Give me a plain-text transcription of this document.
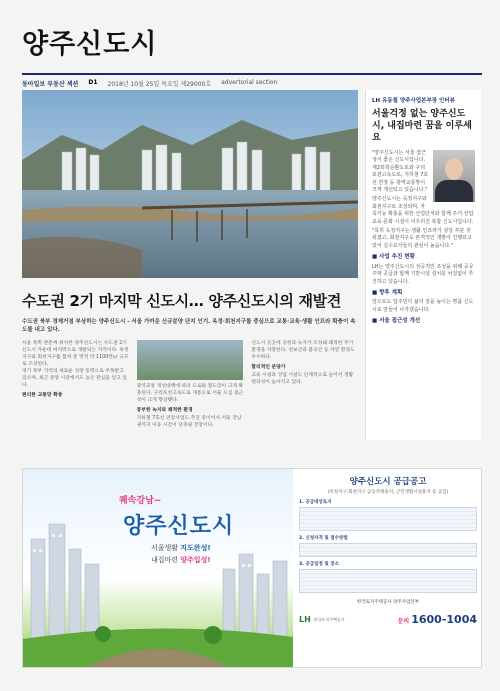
양주신도시
동아일보 부동산 섹션 D1 2018년 10월 25일 목요일 제29000호 advertorial section
LH 유동철 양주사업본부장 인터뷰
서울걱정 없는 양주신도시, 내집마련 꿈을 이루세요

"양주신도시는 서울 접근성이 좋은 신도시입니다. 제2외곽순환도로와 구리포천고속도로, 지하철 7호선 연장 등 광역교통망이 크게 개선되고 있습니다."

양주신도시는 옥정지구와 회천지구로 조성되며, 자족기능 확충을 위한 산업단지와 함께 주거·상업·교육·문화 시설이 어우러진 복합 신도시입니다.

"특히 옥정지구는 생활 인프라가 상당 부분 갖춰졌고, 회천지구도 본격적인 개발이 진행되고 있어 실수요자들의 관심이 높습니다."

■ 사업 추진 현황

LH는 양주신도시의 성공적인 조성을 위해 공공주택 공급과 함께 기반시설 설치를 차질없이 추진하고 있습니다.

■ 향후 계획

앞으로도 입주민의 삶의 질을 높이는 명품 신도시로 만들어 나가겠습니다.

■ 서울 접근성 개선
수도권 2기 마지막 신도시… 양주신도시의 재발견
수도권 북부 경제거점 부상하는 양주신도시 - 서울 가까운 신규분양 단지 인기. 옥정·회천지구를 중심으로 교통·교육·생활 인프라 확충이 속도를 내고 있다.

서울 북쪽 관문에 위치한 양주신도시는 수도권 2기 신도시 가운데 마지막으로 개발되는 지역이다. 옥정지구와 회천지구를 합쳐 총 면적 약 1100만㎡ 규모로 조성된다.

경기 북부 지역의 새로운 성장 동력으로 주목받고 있으며, 최근 분양 시장에서도 높은 관심을 얻고 있다.

편리한 교통망 확충

광역교통 개선대책에 따라 도로와 철도망이 크게 확충된다. 구리포천고속도로 개통으로 서울 도심 접근성이 크게 향상됐다.

풍부한 녹지와 쾌적한 환경

지하철 7호선 연장사업도 추진 중이어서 서울 강남권까지 이동 시간이 단축될 전망이다.

신도시 곳곳에 공원과 녹지가 조성돼 쾌적한 주거 환경을 자랑한다. 천보산과 불곡산 등 자연 환경도 우수하다.

합리적인 분양가

교육 시설과 상업 시설도 단계적으로 들어서 생활 편의성이 높아지고 있다.

퀘속강남~
양주신도시
서울생활 지도완성!
내집마련 양주입성!
양주신도시 공급공고
(옥정지구·회천지구 공동주택용지, 근린생활시설용지 등 공급)
1. 공급대상토지
2. 신청자격 및 접수방법
3. 공급일정 및 장소
한국토지주택공사 양주사업본부
LH 한국토지주택공사	문의 1600-1004
